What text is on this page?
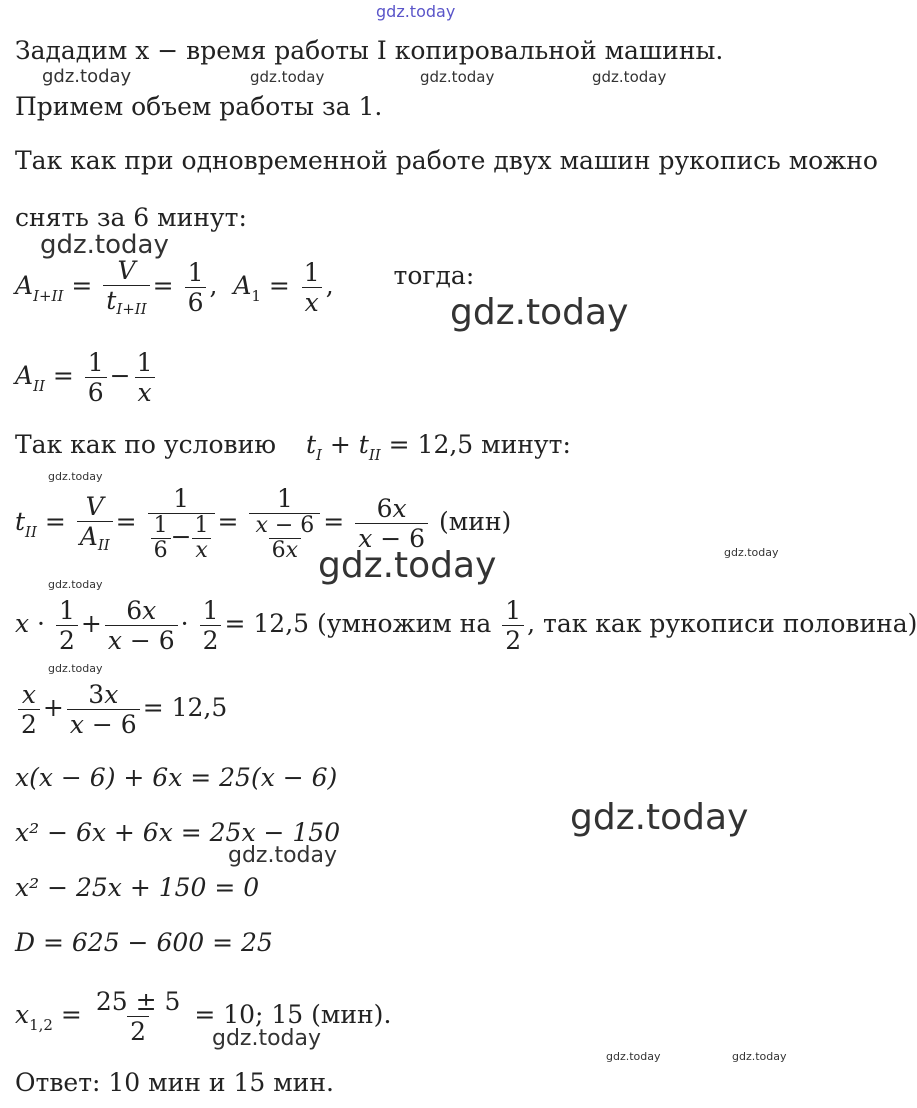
gdz.today
gdz.today	gdz.today	gdz.today	gdz.today
gdz.today
gdz.today
gdz.today
gdz.today	gdz.today
gdz.today
gdz.today
gdz.today
gdz.today
gdz.today
gdz.today	gdz.today
Зададим x − время работы I копировальной машины.
Примем объем работы за 1.
Так как при одновременной работе двух машин рукопись можно
снять за 6 минут:
$A_{I+II} = \frac{V}{t_{I+II}} = \frac{1}{6}$ ,  $A_1 = \frac{1}{x}$ ,  тогда:
$A_{II} = \frac{1}{6} - \frac{1}{x}$
Так как по условию $t_I + t_{II} = 12,5$ минут:
$t_{II} = \frac{V}{A_{II}} = \frac{1}{\frac{1}{6} - \frac{1}{x}} = \frac{1}{\frac{x - 6}{6x}} = \frac{6x}{x - 6} (мин)$
$x \cdot \frac{1}{2} + \frac{6x}{x - 6} \cdot \frac{1}{2} = 12,5$ (умножим на $\frac{1}{2}$ , так как рукописи половина)
$\frac{x}{2} + \frac{3x}{x - 6} = 12,5$
x(x − 6) + 6x = 25(x − 6)
x² − 6x + 6x = 25x − 150
x² − 25x + 150 = 0
D = 625 − 600 = 25
$x_{1,2} = \frac{25 \pm 5}{2} = 10$; 15 (мин).
Ответ: 10 мин и 15 мин.
